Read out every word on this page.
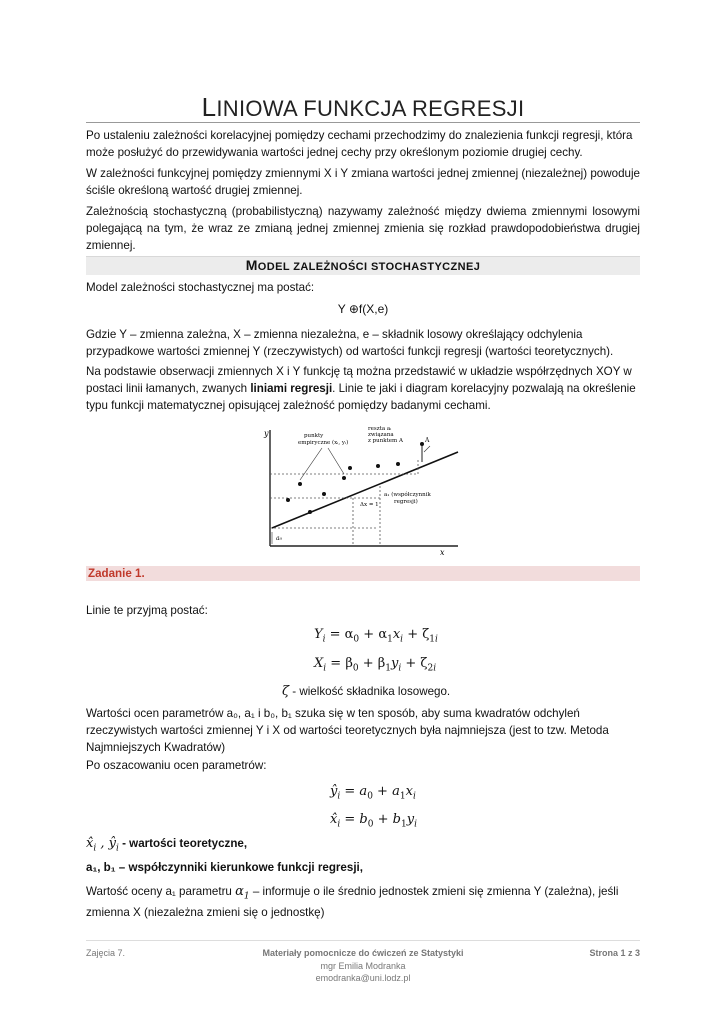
LINIOWA FUNKCJA REGRESJI
Po ustaleniu zależności korelacyjnej pomiędzy cechami przechodzimy do znalezienia funkcji regresji, która może posłużyć do przewidywania wartości jednej cechy przy określonym poziomie drugiej cechy.
W zależności funkcyjnej pomiędzy zmiennymi X i Y zmiana wartości jednej zmiennej (niezależnej) powoduje ściśle określoną wartość drugiej zmiennej.
Zależnością stochastyczną (probabilistyczną) nazywamy zależność między dwiema zmiennymi losowymi polegającą na tym, że wraz ze zmianą jednej zmiennej zmienia się rozkład prawdopodobieństwa drugiej zmiennej.
MODEL ZALEŻNOŚCI STOCHASTYCZNEJ
Model zależności stochastycznej ma postać:
Y ⊕f(X,e)
Gdzie Y – zmienna zależna, X – zmienna niezależna, e – składnik losowy określający odchylenia przypadkowe wartości zmiennej Y (rzeczywistych) od wartości funkcji regresji (wartości teoretycznych).
Na podstawie obserwacji zmiennych X i Y funkcję tą można przedstawić w układzie współrzędnych XOY w postaci linii łamanych, zwanych liniami regresji. Linie te jaki i diagram korelacyjny pozwalają na określenie typu funkcji matematycznej opisującej zależność pomiędzy badanymi cechami.
y
x
punkty
empiryczne (xᵢ, yᵢ)
reszta aᵢ
związana
z punktem A	A
a₁ (współczynnik
regresji)
Δx = 1
a₀
Zadanie 1.
Linie te przyjmą postać:
$Y_i = \alpha_0 + \alpha_1x_i + \zeta_{1i}$
$X_i = \beta_0 + \beta_1y_i + \zeta_{2i}$
ζ - wielkość składnika losowego.
Wartości ocen parametrów a₀, a₁ i b₀, b₁ szuka się w ten sposób, aby suma kwadratów odchyleń rzeczywistych wartości zmiennej Y i X od wartości teoretycznych była najmniejsza (jest to tzw. Metoda Najmniejszych Kwadratów)
Po oszacowaniu ocen parametrów:
$ŷ_i = a_0 + a_1x_i$
$x̂_i = b_0 + b_1y_i$
$x̂_i$ , $ŷ_i$ - wartości teoretyczne,
a₁, b₁ – współczynniki kierunkowe funkcji regresji,
Wartość oceny a₁ parametru $\alpha_1$ – informuje o ile średnio jednostek zmieni się zmienna Y (zależna), jeśli zmienna X (niezależna zmieni się o jednostkę)
Zajęcia 7.	Materiały pomocnicze do ćwiczeń ze Statystyki	Strona 1 z 3
mgr Emilia Modranka
emodranka@uni.lodz.pl
